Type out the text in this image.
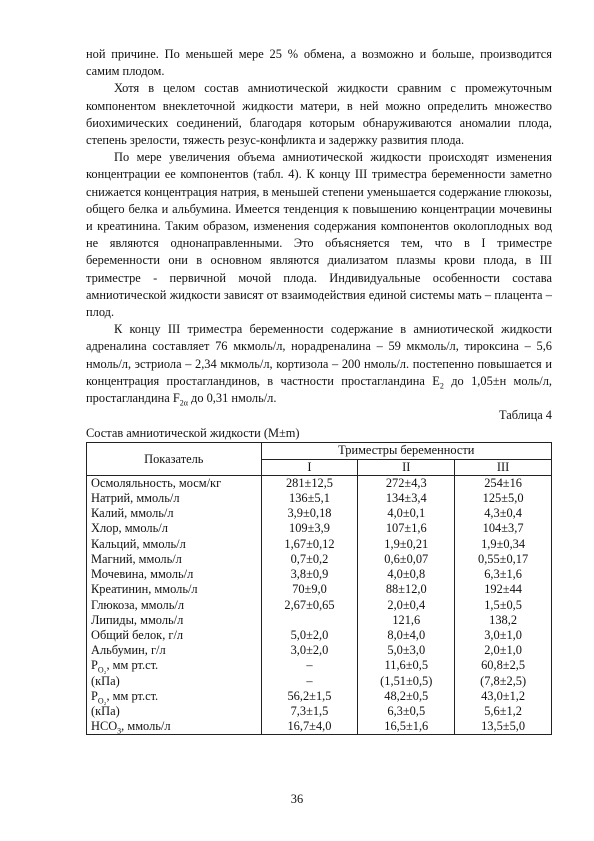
ной причине. По меньшей мере 25 % обмена, а возможно и больше, производится самим плодом.

Хотя в целом состав амниотической жидкости сравним с промежуточным компонентом внеклеточной жидкости матери, в ней можно определить множество биохимических соединений, благодаря которым обнаруживаются аномалии плода, степень зрелости, тяжесть резус-конфликта и задержку развития плода.

По мере увеличения объема амниотической жидкости происходят изменения концентрации ее компонентов (табл. 4). К концу III триместра беременности заметно снижается концентрация натрия, в меньшей степени уменьшается содержание глюкозы, общего белка и альбумина. Имеется тенденция к повышению концентрации мочевины и креатинина. Таким образом, изменения содержания компонентов околоплодных вод не являются однонаправленными. Это объясняется тем, что в I триместре беременности они в основном являются диализатом плазмы крови плода, в III триместре - первичной мочой плода. Индивидуальные особенности состава амниотической жидкости зависят от взаимодействия единой системы мать – плацента – плод.

К концу III триместра беременности содержание в амниотической жидкости адреналина составляет 76 мкмоль/л, норадреналина – 59 мкмоль/л, тироксина – 5,6 нмоль/л, эстриола – 2,34 мкмоль/л, кортизола – 200 нмоль/л. постепенно повышается и концентрация простагландинов, в частности простагландина $E_2$ до 1,05±н моль/л, простагландина $F_{2\alpha}$ до 0,31 нмоль/л.

Таблица 4
Состав амниотической жидкости (M±m)
Показатель	Триместры беременности		
	I	II	III
Осмоляльность, мосм/кг	281±12,5	272±4,3	254±16
Натрий, ммоль/л	136±5,1	134±3,4	125±5,0
Калий, ммоль/л	3,9±0,18	4,0±0,1	4,3±0,4
Хлор, ммоль/л	109±3,9	107±1,6	104±3,7
Кальций, ммоль/л	1,67±0,12	1,9±0,21	1,9±0,34
Магний, ммоль/л	0,7±0,2	0,6±0,07	0,55±0,17
Мочевина, ммоль/л	3,8±0,9	4,0±0,8	6,3±1,6
Креатинин, ммоль/л	70±9,0	88±12,0	192±44
Глюкоза, ммоль/л	2,67±0,65	2,0±0,4	1,5±0,5
Липиды, ммоль/л		121,6	138,2
Общий белок, г/л	5,0±2,0	8,0±4,0	3,0±1,0
Альбумин, г/л	3,0±2,0	5,0±3,0	2,0±1,0
$P_{O_2}$, мм рт.ст.	–	11,6±0,5	60,8±2,5
(кПа)	–	(1,51±0,5)	(7,8±2,5)
$P_{O_2}$, мм рт.ст.	56,2±1,5	48,2±0,5	43,0±1,2
(кПа)	7,3±1,5	6,3±0,5	5,6±1,2
$HCO_3$, ммоль/л	16,7±4,0	16,5±1,6	13,5±5,0
36
